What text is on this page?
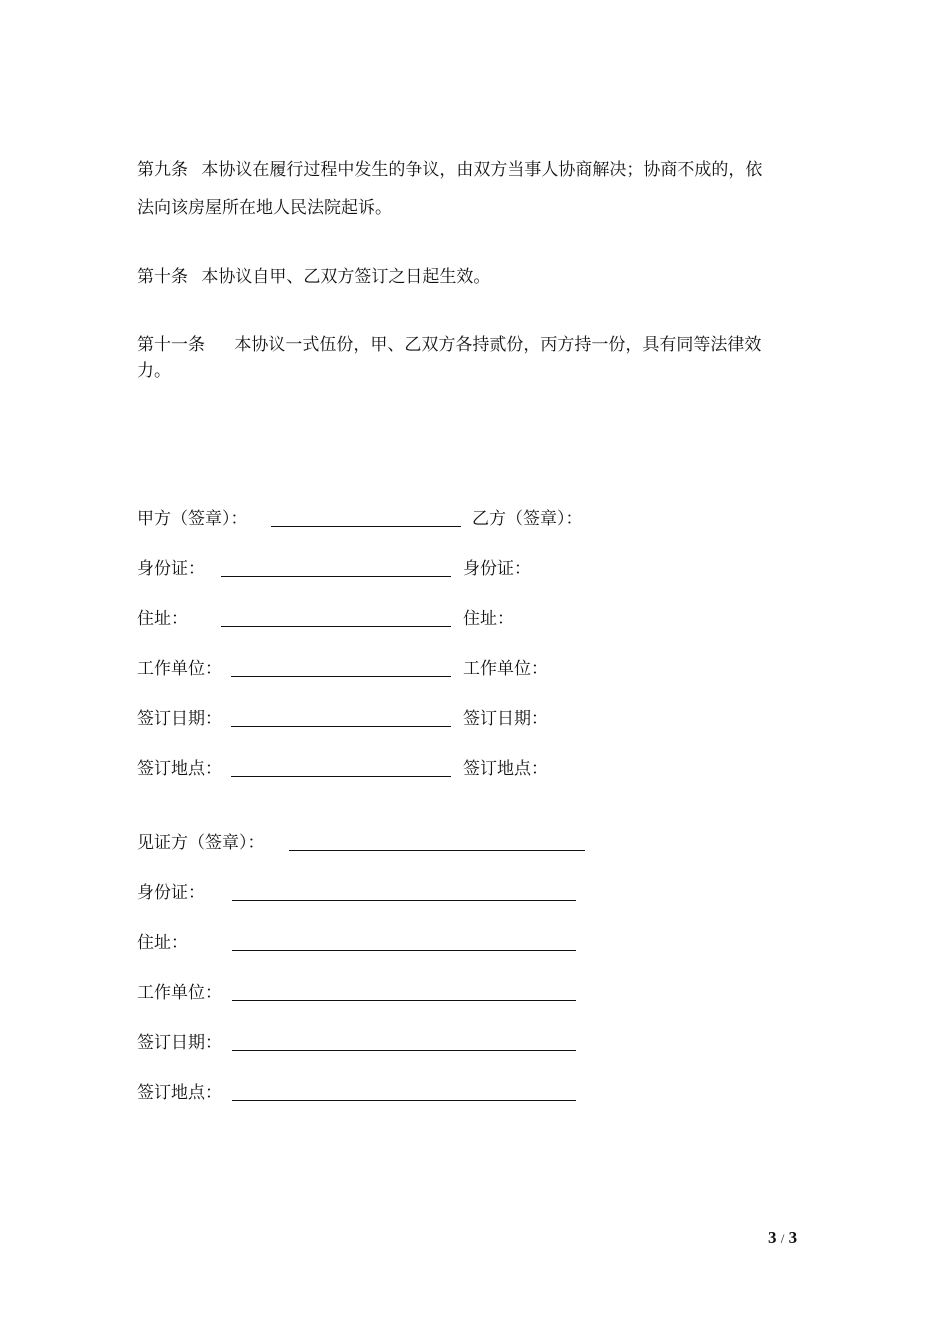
第九条 本协议在履行过程中发生的争议，由双方当事人协商解决；协商不成的，依
法向该房屋所在地人民法院起诉。
第十条 本协议自甲、乙双方签订之日起生效。
第十一条 本协议一式伍份，甲、乙双方各持贰份，丙方持一份，具有同等法律效
力。
甲方（签章）：	乙方（签章）：
身份证：	身份证：
住址：	住址：
工作单位：	工作单位：
签订日期：	签订日期：
签订地点：	签订地点：
见证方（签章）：
身份证：
住址：
工作单位：
签订日期：
签订地点：
3 / 3
